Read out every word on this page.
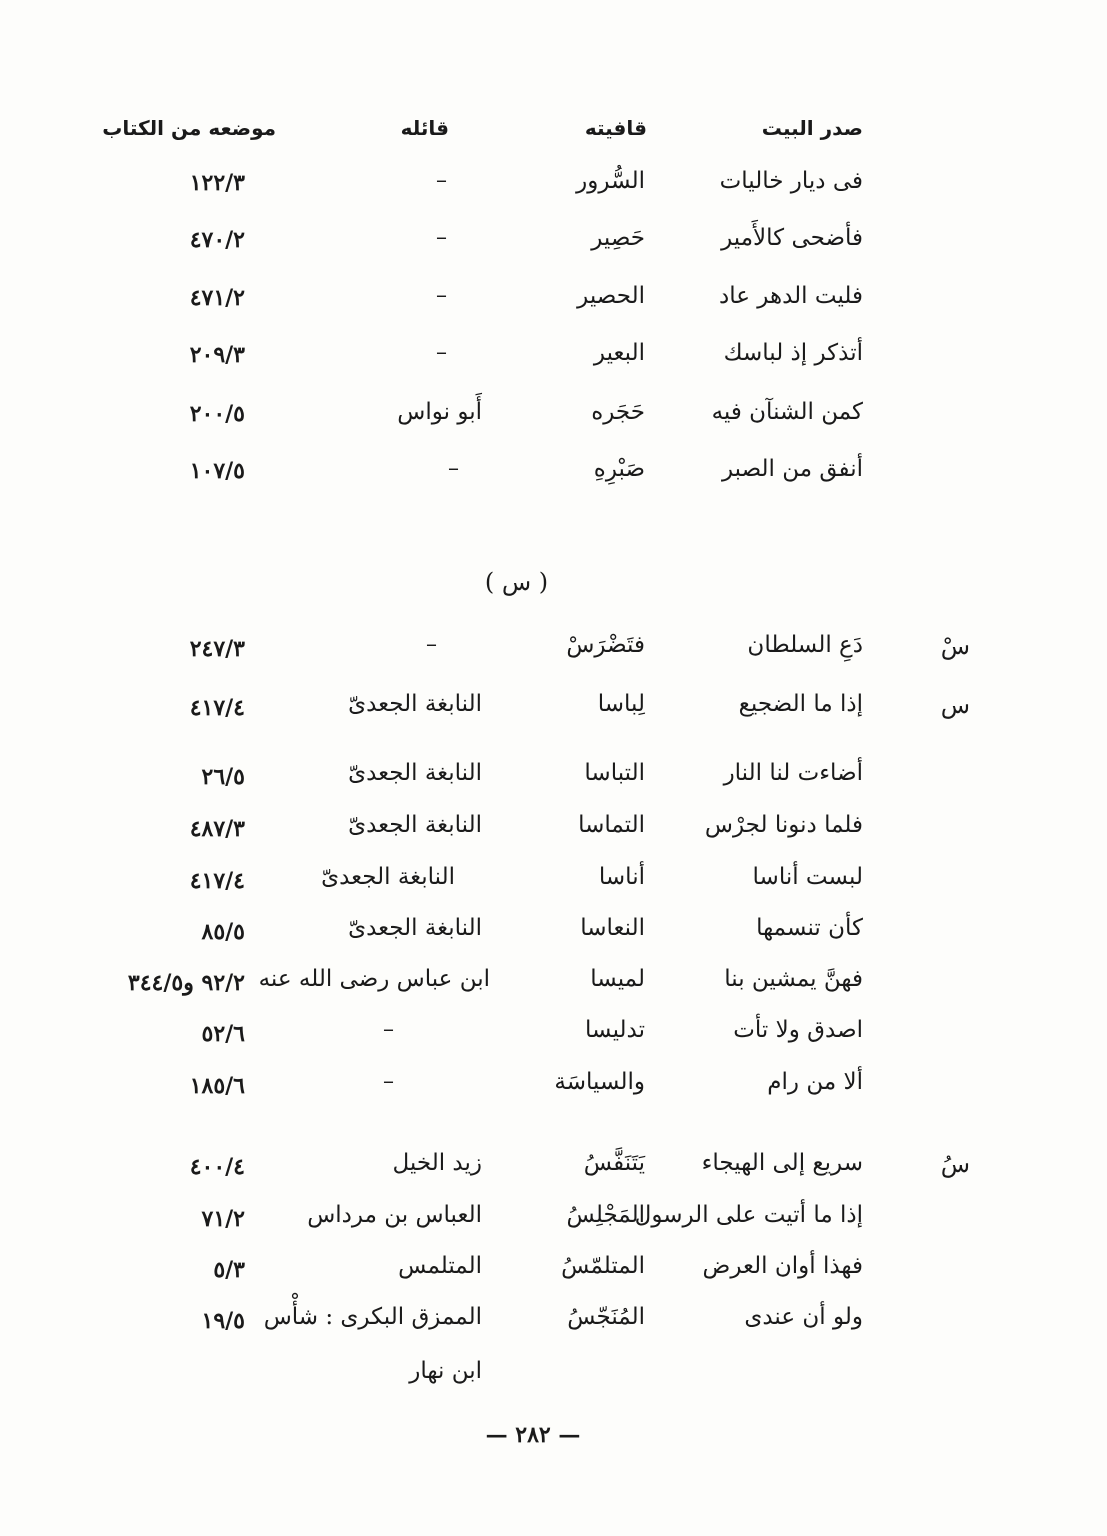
صدر البيت
قافيته
قائله
موضعه من الكتاب
فى ديار خاليات
السُّرور
–
١٢٢/٣
فأضحى كالأَمير
حَصِير
–
٤٧٠/٢
فليت الدهر عاد
الحصير
–
٤٧١/٢
أتذكر إذ لباسك
البعير
–
٢٠٩/٣
كمن الشنآن فيه
حَجَره
أَبو نواس
٢٠٠/٥
أنفق من الصبر
صَبْرِهِ
–
١٠٧/٥
( س )
سْ
دَعِ السلطان
فتَضْرَسْ
–
٢٤٧/٣
س
إذا ما الضجيع
لِباسا
النابغة الجعدىّ
٤١٧/٤
أضاءت لنا النار
التباسا
النابغة الجعدىّ
٢٦/٥
فلما دنونا لجرْس
التماسا
النابغة الجعدىّ
٤٨٧/٣
لبست أناسا
أناسا
النابغة الجعدىّ
٤١٧/٤
كأن تنسمها
النعاسا
النابغة الجعدىّ
٨٥/٥
فهنَّ يمشين بنا
لميسا
ابن عباس رضى الله عنه
٩٢/٢ و٣٤٤/٥
اصدق ولا تأت
تدليسا
–
٥٢/٦
ألا من رام
والسياسَة
–
١٨٥/٦
سُ
سريع إلى الهيجاء
يَتَنَفَّسُ
زيد الخيل
٤٠٠/٤
إذا ما أتيت على الرسول
المَجْلِسُ
العباس بن مرداس
٧١/٢
فهذا أوان العرض
المتلمّسُ
المتلمس
٥/٣
ولو أن عندى
المُنَجّسُ
الممزق البكرى : شأْس
١٩/٥
ابن نهار
— ٢٨٢ —
